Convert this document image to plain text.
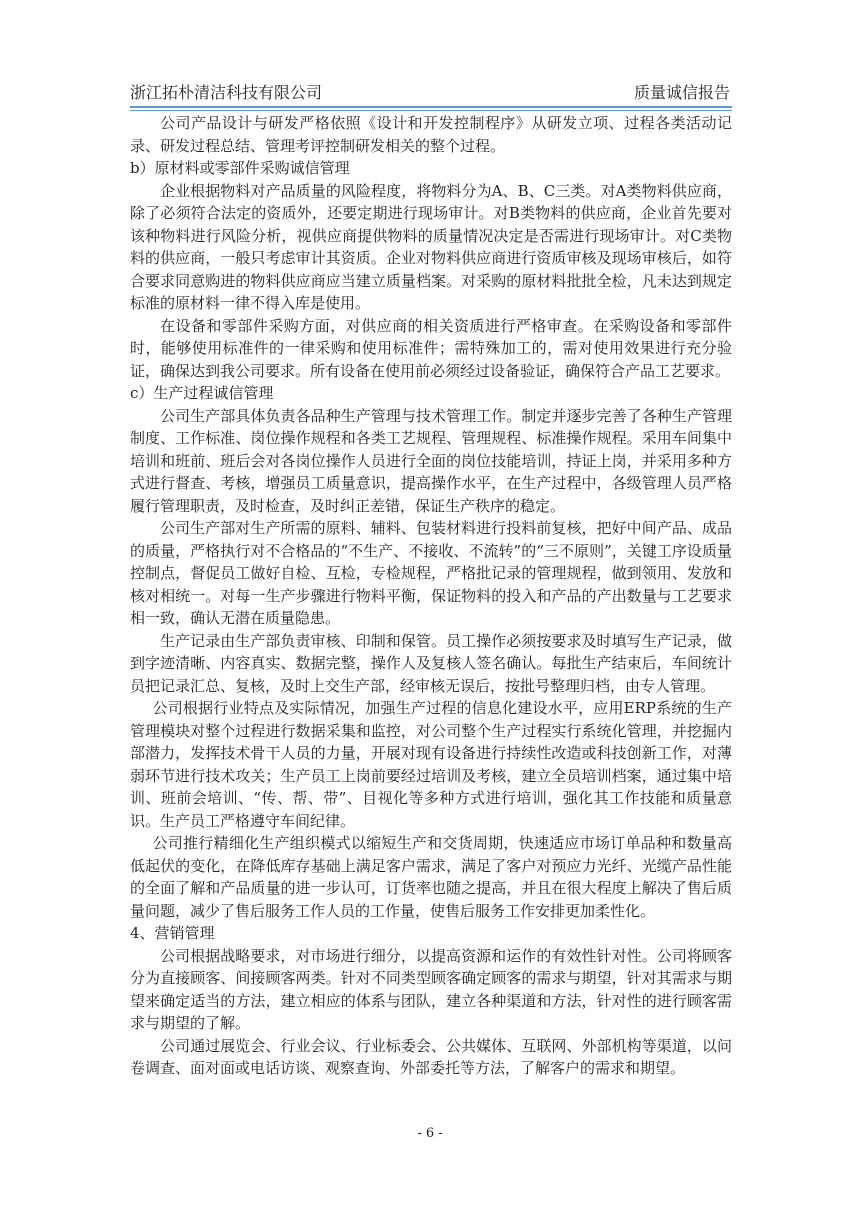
浙江拓朴清洁科技有限公司	质量诚信报告

公司产品设计与研发严格依照《设计和开发控制程序》从研发立项、过程各类活动记录、研发过程总结、管理考评控制研发相关的整个过程。

b）原材料或零部件采购诚信管理

企业根据物料对产品质量的风险程度，将物料分为A、B、C三类。对A类物料供应商，除了必须符合法定的资质外，还要定期进行现场审计。对B类物料的供应商，企业首先要对该种物料进行风险分析，视供应商提供物料的质量情况决定是否需进行现场审计。对C类物料的供应商，一般只考虑审计其资质。企业对物料供应商进行资质审核及现场审核后，如符合要求同意购进的物料供应商应当建立质量档案。对采购的原材料批批全检，凡未达到规定标准的原材料一律不得入库是使用。

在设备和零部件采购方面，对供应商的相关资质进行严格审查。在采购设备和零部件时，能够使用标准件的一律采购和使用标准件；需特殊加工的，需对使用效果进行充分验证，确保达到我公司要求。所有设备在使用前必须经过设备验证，确保符合产品工艺要求。

c）生产过程诚信管理

公司生产部具体负责各品种生产管理与技术管理工作。制定并逐步完善了各种生产管理制度、工作标准、岗位操作规程和各类工艺规程、管理规程、标准操作规程。采用车间集中培训和班前、班后会对各岗位操作人员进行全面的岗位技能培训，持证上岗，并采用多种方式进行督查、考核，增强员工质量意识，提高操作水平，在生产过程中，各级管理人员严格履行管理职责，及时检查，及时纠正差错，保证生产秩序的稳定。

公司生产部对生产所需的原料、辅料、包装材料进行投料前复核，把好中间产品、成品的质量，严格执行对不合格品的“不生产、不接收、不流转”的“三不原则”，关键工序设质量控制点，督促员工做好自检、互检，专检规程，严格批记录的管理规程，做到领用、发放和核对相统一。对每一生产步骤进行物料平衡，保证物料的投入和产品的产出数量与工艺要求相一致，确认无潜在质量隐患。

生产记录由生产部负责审核、印制和保管。员工操作必须按要求及时填写生产记录，做到字迹清晰、内容真实、数据完整，操作人及复核人签名确认。每批生产结束后，车间统计员把记录汇总、复核，及时上交生产部，经审核无误后，按批号整理归档，由专人管理。

公司根据行业特点及实际情况，加强生产过程的信息化建设水平，应用ERP系统的生产管理模块对整个过程进行数据采集和监控，对公司整个生产过程实行系统化管理，并挖掘内部潜力，发挥技术骨干人员的力量，开展对现有设备进行持续性改造或科技创新工作，对薄弱环节进行技术攻关；生产员工上岗前要经过培训及考核，建立全员培训档案，通过集中培训、班前会培训、“传、帮、带”、目视化等多种方式进行培训，强化其工作技能和质量意识。生产员工严格遵守车间纪律。

公司推行精细化生产组织模式以缩短生产和交货周期，快速适应市场订单品种和数量高低起伏的变化，在降低库存基础上满足客户需求，满足了客户对预应力光纤、光缆产品性能的全面了解和产品质量的进一步认可，订货率也随之提高，并且在很大程度上解决了售后质量问题，减少了售后服务工作人员的工作量，使售后服务工作安排更加柔性化。

4、营销管理

公司根据战略要求，对市场进行细分，以提高资源和运作的有效性针对性。公司将顾客分为直接顾客、间接顾客两类。针对不同类型顾客确定顾客的需求与期望，针对其需求与期望来确定适当的方法，建立相应的体系与团队，建立各种渠道和方法，针对性的进行顾客需求与期望的了解。

公司通过展览会、行业会议、行业标委会、公共媒体、互联网、外部机构等渠道，以问卷调查、面对面或电话访谈、观察查询、外部委托等方法，了解客户的需求和期望。

- 6 -
